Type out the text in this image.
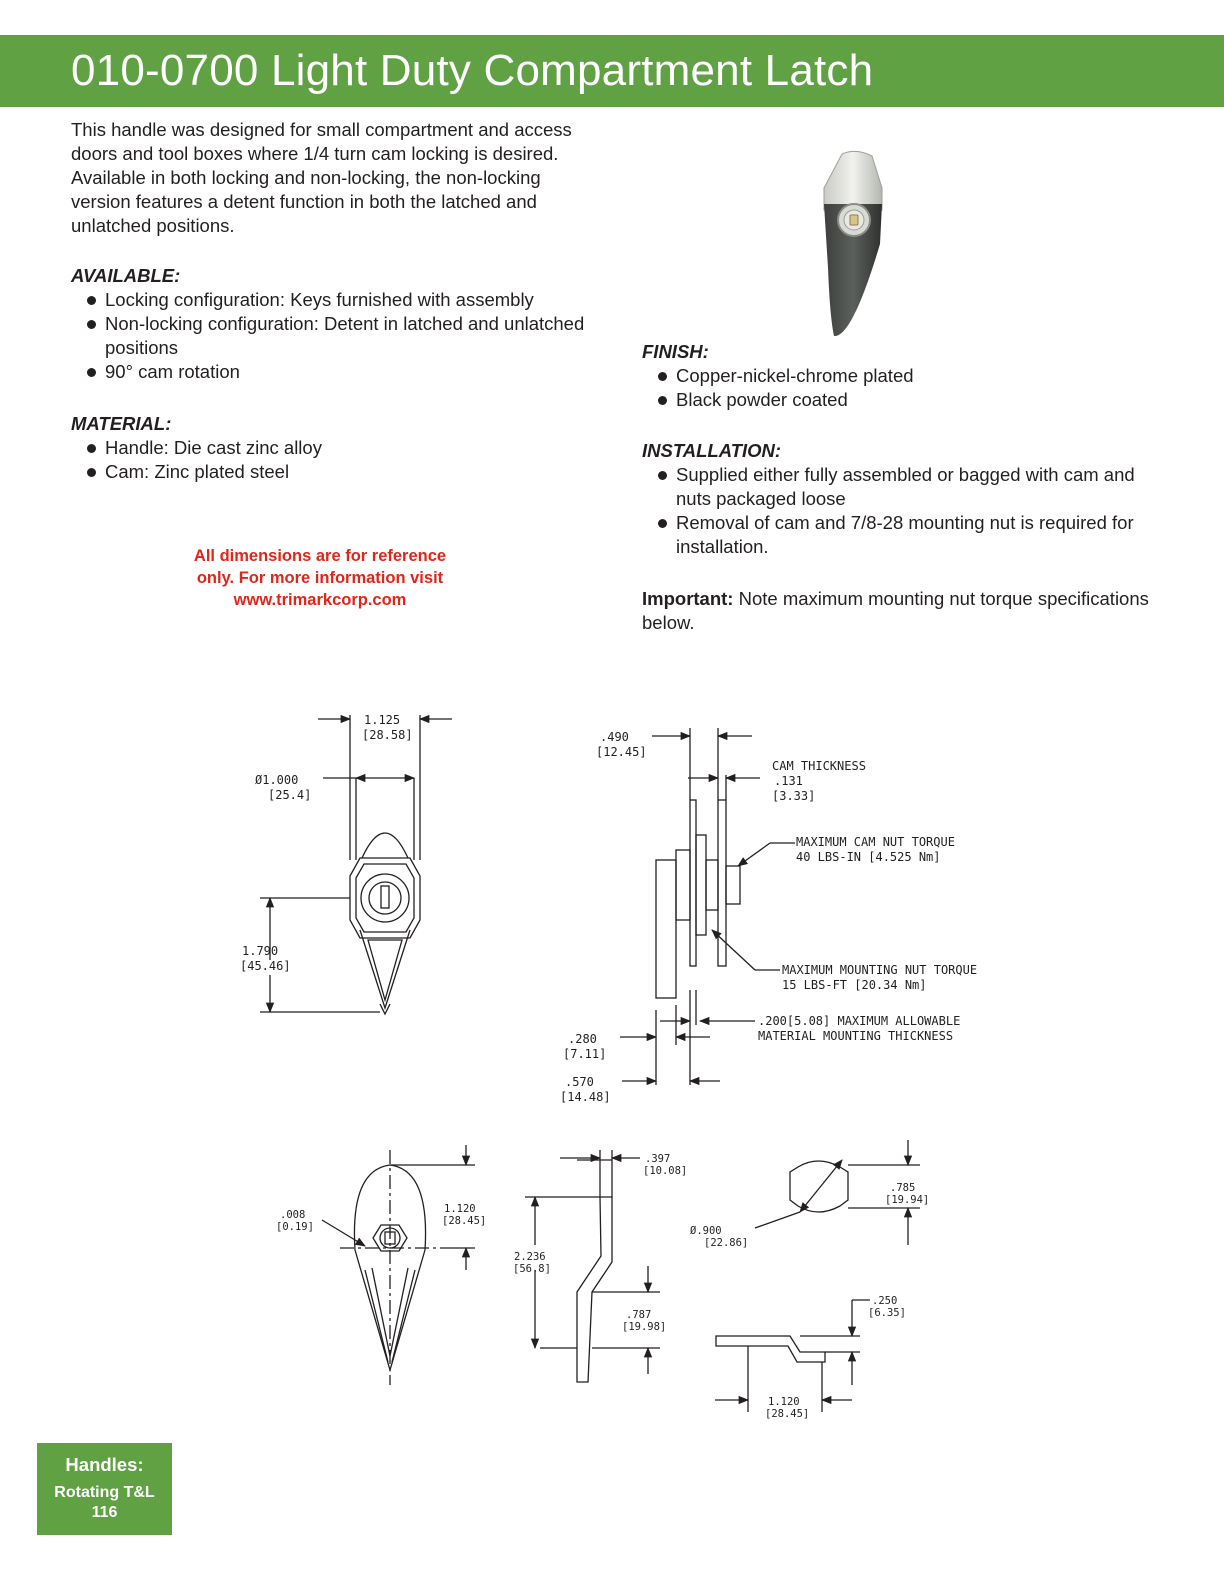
010-0700 Light Duty Compartment Latch

This handle was designed for small compartment and access doors and tool boxes where 1/4 turn cam locking is desired. Available in both locking and non-locking, the non-locking version features a detent function in both the latched and unlatched positions.

AVAILABLE:
Locking configuration: Keys furnished with assembly
Non-locking configuration: Detent in latched and unlatched positions
90° cam rotation
MATERIAL:
Handle: Die cast zinc alloy
Cam: Zinc plated steel

All dimensions are for reference
only. For more information visit
www.trimarkcorp.com

FINISH:
Copper-nickel-chrome plated
Black powder coated
INSTALLATION:
Supplied either fully assembled or bagged with cam and nuts packaged loose
Removal of cam and 7/8-28 mounting nut is required for installation.
Important: Note maximum mounting nut torque specifications below.
1.125
[28.58]
Ø1.000
[25.4]
1.790
[45.46]
.490
[12.45]
CAM THICKNESS
.131
[3.33]
MAXIMUM CAM NUT TORQUE
40 LBS-IN [4.525 Nm]
MAXIMUM MOUNTING NUT TORQUE
15 LBS-FT [20.34 Nm]
.200[5.08] MAXIMUM ALLOWABLE
MATERIAL MOUNTING THICKNESS
.280
[7.11]
.570
[14.48]
.008
[0.19]
1.120
[28.45]
.397
[10.08]
2.236
[56.8]
.787
[19.98]
.785
[19.94]
Ø.900
[22.86]
.250
[6.35]
1.120
[28.45]
Handles:
Rotating T&L
116
